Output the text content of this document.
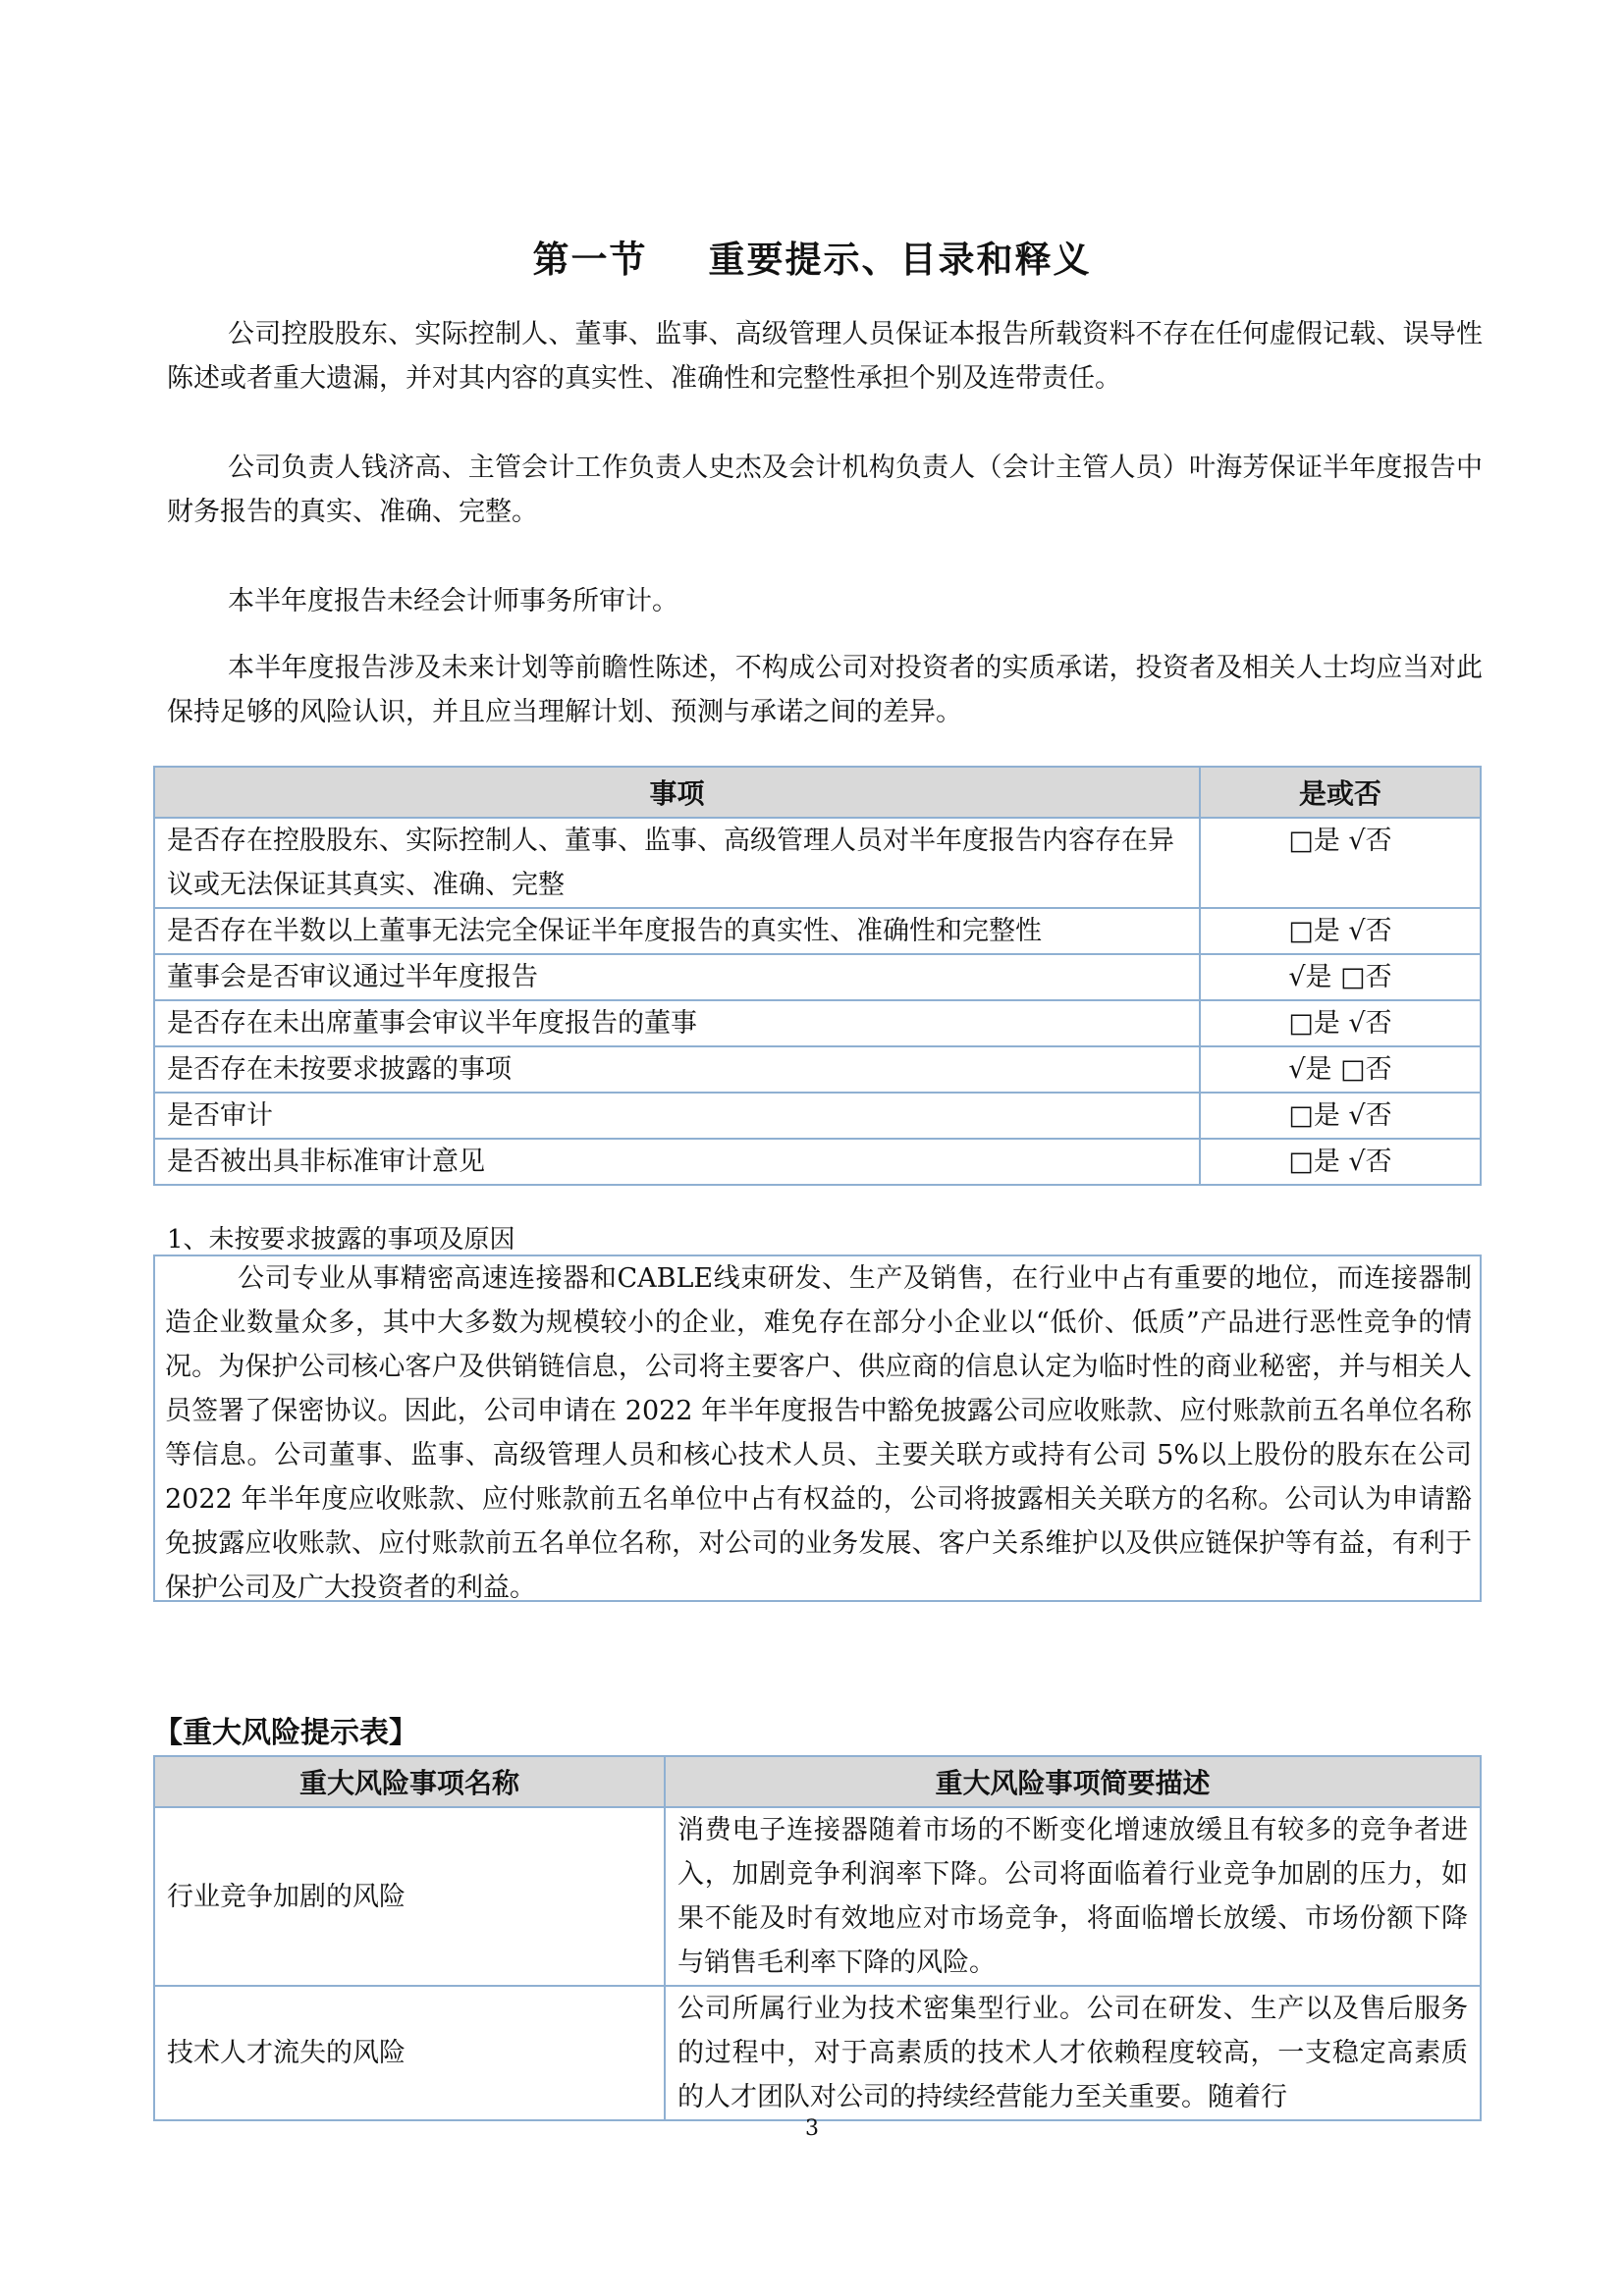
第一节 重要提示、目录和释义

公司控股股东、实际控制人、董事、监事、高级管理人员保证本报告所载资料不存在任何虚假记载、误导性陈述或者重大遗漏，并对其内容的真实性、准确性和完整性承担个别及连带责任。

公司负责人钱济高、主管会计工作负责人史杰及会计机构负责人（会计主管人员）叶海芳保证半年度报告中财务报告的真实、准确、完整。

本半年度报告未经会计师事务所审计。

本半年度报告涉及未来计划等前瞻性陈述，不构成公司对投资者的实质承诺，投资者及相关人士均应当对此保持足够的风险认识，并且应当理解计划、预测与承诺之间的差异。

事项	是或否
是否存在控股股东、实际控制人、董事、监事、高级管理人员对半年度报告内容存在异议或无法保证其真实、准确、完整	□是 √否
是否存在半数以上董事无法完全保证半年度报告的真实性、准确性和完整性	□是 √否
董事会是否审议通过半年度报告	√是 □否
是否存在未出席董事会审议半年度报告的董事	□是 √否
是否存在未按要求披露的事项	√是 □否
是否审计	□是 √否
是否被出具非标准审计意见	□是 √否
1、未按要求披露的事项及原因
公司专业从事精密高速连接器和CABLE线束研发、生产及销售，在行业中占有重要的地位，而连接器制造企业数量众多，其中大多数为规模较小的企业，难免存在部分小企业以“低价、低质”产品进行恶性竞争的情况。为保护公司核心客户及供销链信息，公司将主要客户、供应商的信息认定为临时性的商业秘密，并与相关人员签署了保密协议。因此，公司申请在 2022 年半年度报告中豁免披露公司应收账款、应付账款前五名单位名称等信息。公司董事、监事、高级管理人员和核心技术人员、主要关联方或持有公司 5%以上股份的股东在公司 2022 年半年度应收账款、应付账款前五名单位中占有权益的，公司将披露相关关联方的名称。公司认为申请豁免披露应收账款、应付账款前五名单位名称，对公司的业务发展、客户关系维护以及供应链保护等有益，有利于保护公司及广大投资者的利益。
【重大风险提示表】
重大风险事项名称	重大风险事项简要描述
行业竞争加剧的风险	消费电子连接器随着市场的不断变化增速放缓且有较多的竞争者进入，加剧竞争利润率下降。公司将面临着行业竞争加剧的压力，如果不能及时有效地应对市场竞争，将面临增长放缓、市场份额下降与销售毛利率下降的风险。
技术人才流失的风险	公司所属行业为技术密集型行业。公司在研发、生产以及售后服务的过程中，对于高素质的技术人才依赖程度较高，一支稳定高素质的人才团队对公司的持续经营能力至关重要。随着行
3
